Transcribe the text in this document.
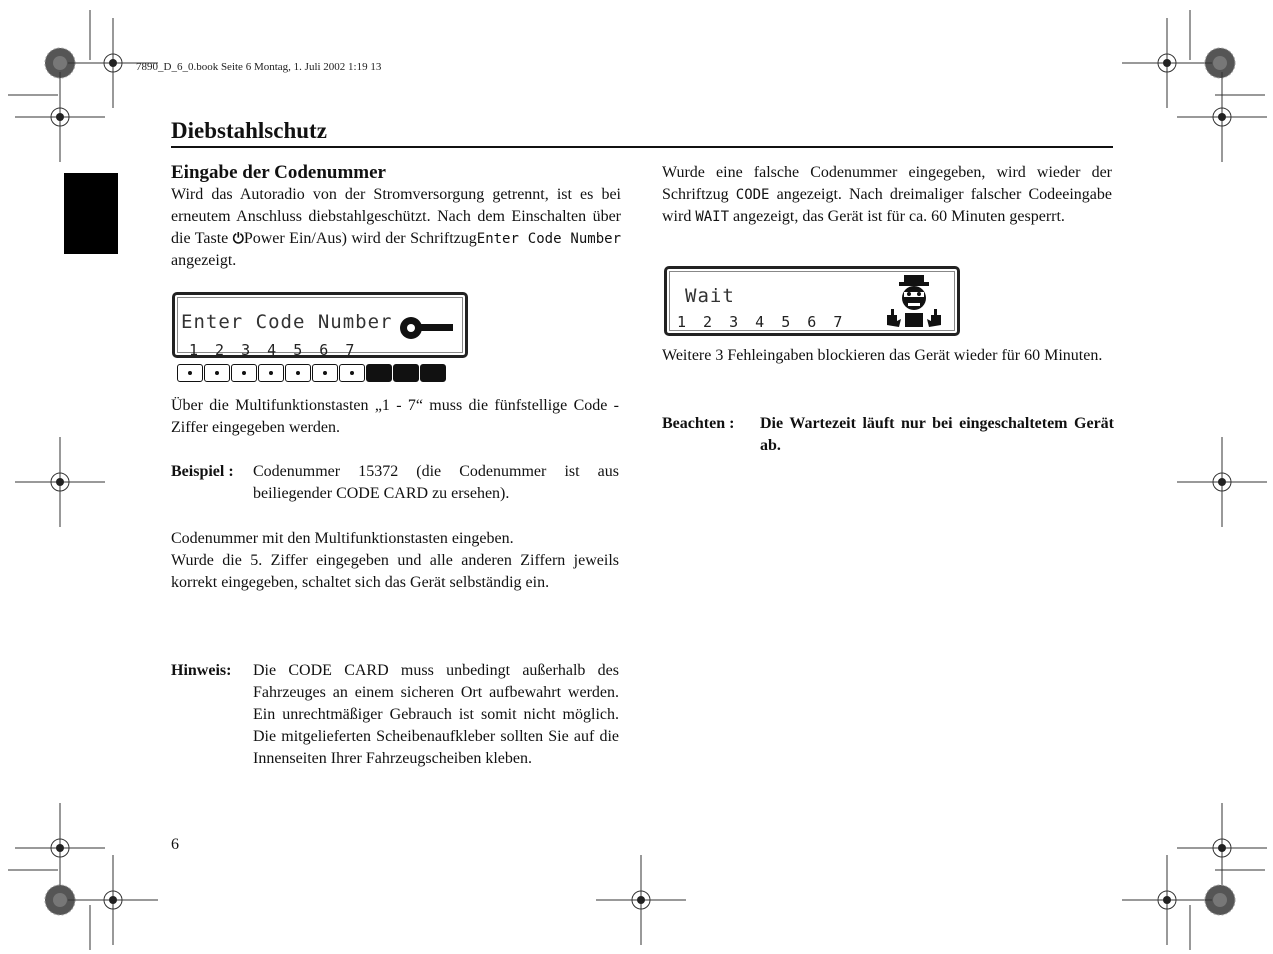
7890_D_6_0.book Seite 6 Montag, 1. Juli 2002 1:19 13
Diebstahlschutz
Eingabe der Codenummer

Wird das Autoradio von der Stromversorgung getrennt, ist es bei erneutem Anschluss diebstahlgeschützt. Nach dem Einschalten über die Taste ⏻Power Ein/Aus) wird der SchriftzugEnter Code Number angezeigt.

Enter Code Number
1 2 3 4 5 6 7
Über die Multifunktionstasten „1 - 7“ muss die fünfstellige Code - Ziffer eingegeben werden.
Beispiel : Codenummer 15372 (die Codenummer ist aus beiliegender CODE CARD zu ersehen).

Codenummer mit den Multifunktionstasten eingeben.
Wurde die 5. Ziffer eingegeben und alle anderen Ziffern jeweils korrekt eingegeben, schaltet sich das Gerät selbständig ein.
Hinweis: Die CODE CARD muss unbedingt außerhalb des Fahrzeuges an einem sicheren Ort aufbewahrt werden. Ein unrechtmäßiger Gebrauch ist somit nicht möglich. Die mitgelieferten Scheibenaufkleber sollten Sie auf die Innenseiten Ihrer Fahrzeugscheiben kleben.

6
Wurde eine falsche Codenummer eingegeben, wird wieder der Schriftzug CODE angezeigt. Nach dreimaliger falscher Codeeingabe wird WAIT angezeigt, das Gerät ist für ca. 60 Minuten gesperrt.
Wait
1 2 3 4 5 6 7
Weitere 3 Fehleingaben blockieren das Gerät wieder für 60 Minuten.
Beachten : Die Wartezeit läuft nur bei eingeschaltetem Gerät ab.
